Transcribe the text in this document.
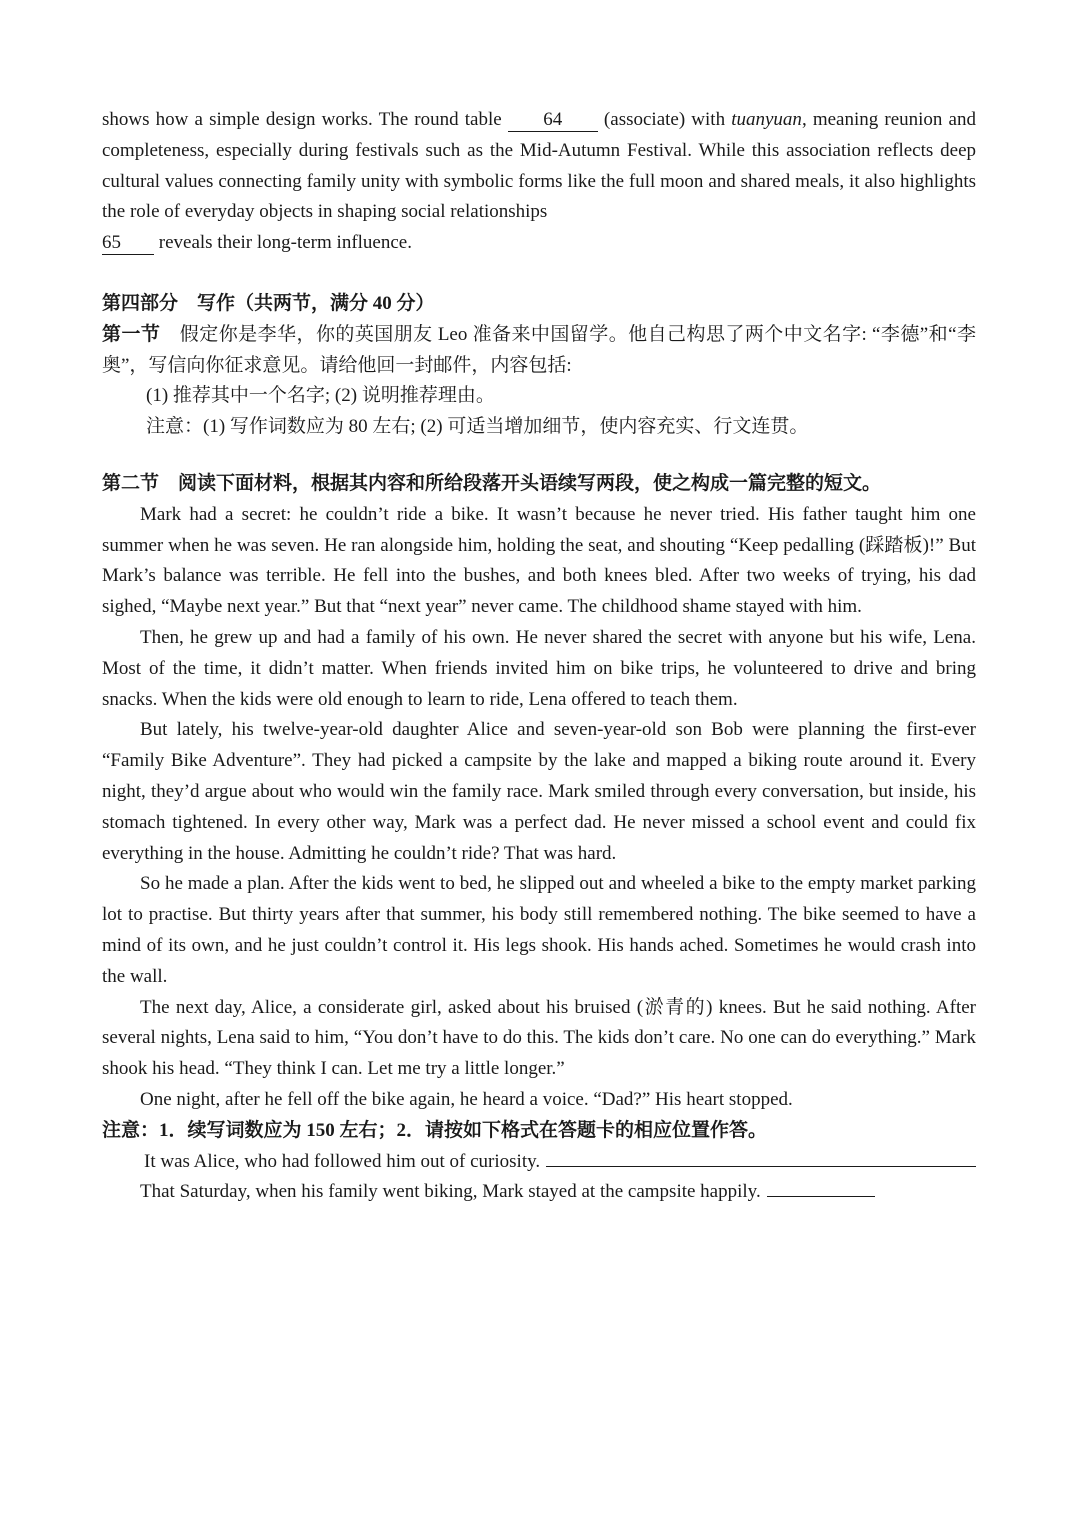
shows how a simple design works. The round table 64 (associate) with tuanyuan, meaning reunion and completeness, especially during festivals such as the Mid-Autumn Festival. While this association reflects deep cultural values connecting family unity with symbolic forms like the full moon and shared meals, it also highlights the role of everyday objects in shaping social relationships
65 reveals their long-term influence.

第四部分　写作（共两节，满分 40 分）

第一节　假定你是李华，你的英国朋友 Leo 准备来中国留学。他自己构思了两个中文名字: “李德”和“李奥”，写信向你征求意见。请给他回一封邮件，内容包括:

(1) 推荐其中一个名字; (2) 说明推荐理由。

注意：(1) 写作词数应为 80 左右; (2) 可适当增加细节，使内容充实、行文连贯。

第二节　阅读下面材料，根据其内容和所给段落开头语续写两段，使之构成一篇完整的短文。

Mark had a secret: he couldn’t ride a bike. It wasn’t because he never tried. His father taught him one summer when he was seven. He ran alongside him, holding the seat, and shouting “Keep pedalling (踩踏板)!” But Mark’s balance was terrible. He fell into the bushes, and both knees bled. After two weeks of trying, his dad sighed, “Maybe next year.” But that “next year” never came. The childhood shame stayed with him.

Then, he grew up and had a family of his own. He never shared the secret with anyone but his wife, Lena. Most of the time, it didn’t matter. When friends invited him on bike trips, he volunteered to drive and bring snacks. When the kids were old enough to learn to ride, Lena offered to teach them.

But lately, his twelve-year-old daughter Alice and seven-year-old son Bob were planning the first-ever “Family Bike Adventure”. They had picked a campsite by the lake and mapped a biking route around it. Every night, they’d argue about who would win the family race. Mark smiled through every conversation, but inside, his stomach tightened. In every other way, Mark was a perfect dad. He never missed a school event and could fix everything in the house. Admitting he couldn’t ride? That was hard.

So he made a plan. After the kids went to bed, he slipped out and wheeled a bike to the empty market parking lot to practise. But thirty years after that summer, his body still remembered nothing. The bike seemed to have a mind of its own, and he just couldn’t control it. His legs shook. His hands ached. Sometimes he would crash into the wall.

The next day, Alice, a considerate girl, asked about his bruised (淤青的) knees. But he said nothing. After several nights, Lena said to him, “You don’t have to do this. The kids don’t care. No one can do everything.” Mark shook his head. “They think I can. Let me try a little longer.”

One night, after he fell off the bike again, he heard a voice. “Dad?” His heart stopped.

注意：1．续写词数应为 150 左右；2．请按如下格式在答题卡的相应位置作答。

It was Alice, who had followed him out of curiosity.

That Saturday, when his family went biking, Mark stayed at the campsite happily.
